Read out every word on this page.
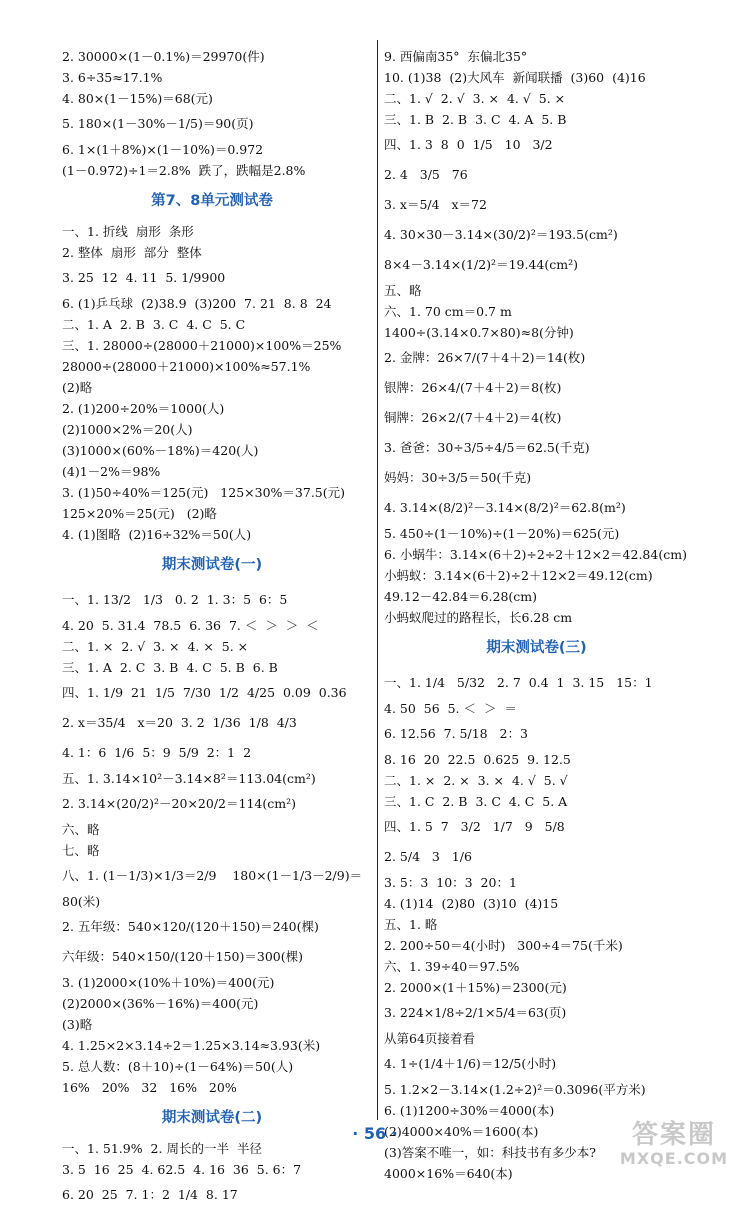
2. 30000×(1－0.1%)＝29970(件)
3. 6÷35≈17.1%
4. 80×(1－15%)＝68(元)
5. 180×(1－30%－1/5)＝90(页)
6. 1×(1＋8%)×(1－10%)＝0.972
(1－0.972)÷1＝2.8%  跌了，跌幅是2.8%
第7、8单元测试卷
一、1. 折线  扇形  条形
2. 整体  扇形  部分  整体
3. 25  12  4. 11  5. 1/9900
6. (1)乒乓球  (2)38.9  (3)200  7. 21  8. 8  24
二、1. A  2. B  3. C  4. C  5. C
三、1. 28000÷(28000＋21000)×100%＝25%
28000÷(28000＋21000)×100%≈57.1%
(2)略
2. (1)200÷20%＝1000(人)
(2)1000×2%＝20(人)
(3)1000×(60%－18%)＝420(人)
(4)1－2%＝98%
3. (1)50÷40%＝125(元)   125×30%＝37.5(元)
125×20%＝25(元)   (2)略
4. (1)图略  (2)16÷32%＝50(人)
期末测试卷(一)
一、1. 13/2   1/3   0. 2  1. 3：5  6：5
4. 20  5. 31.4  78.5  6. 36  7. ＜  ＞  ＞  ＜
二、1. ×  2. √  3. ×  4. ×  5. ×
三、1. A  2. C  3. B  4. C  5. B  6. B
四、1. 1/9  21  1/5  7/30  1/2  4/25  0.09  0.36
2. x＝35/4   x＝20  3. 2  1/36  1/8  4/3
4. 1：6  1/6  5：9  5/9  2：1  2
五、1. 3.14×10²－3.14×8²＝113.04(cm²)
2. 3.14×(20/2)²－20×20/2＝114(cm²)
六、略
七、略
八、1. (1－1/3)×1/3＝2/9    180×(1－1/3－2/9)＝
80(米)
2. 五年级：540×120/(120＋150)＝240(棵)
六年级：540×150/(120＋150)＝300(棵)
3. (1)2000×(10%＋10%)＝400(元)
(2)2000×(36%－16%)＝400(元)
(3)略
4. 1.25×2×3.14÷2＝1.25×3.14≈3.93(米)
5. 总人数：(8＋10)÷(1－64%)＝50(人)
16%   20%   32   16%   20%
期末测试卷(二)
一、1. 51.9%  2. 周长的一半  半径
3. 5  16  25  4. 62.5  4. 16  36  5. 6：7
6. 20  25  7. 1：2  1/4  8. 17
9. 西偏南35°  东偏北35°
10. (1)38  (2)大风车  新闻联播  (3)60  (4)16
二、1. √  2. √  3. ×  4. √  5. ×
三、1. B  2. B  3. C  4. A  5. B
四、1. 3  8  0  1/5   10   3/2
2. 4   3/5   76
3. x＝5/4   x＝72
4. 30×30－3.14×(30/2)²＝193.5(cm²)
8×4－3.14×(1/2)²＝19.44(cm²)
五、略
六、1. 70 cm＝0.7 m
1400÷(3.14×0.7×80)≈8(分钟)
2. 金牌：26×7/(7＋4＋2)＝14(枚)
银牌：26×4/(7＋4＋2)＝8(枚)
铜牌：26×2/(7＋4＋2)＝4(枚)
3. 爸爸：30÷3/5÷4/5＝62.5(千克)
妈妈：30÷3/5＝50(千克)
4. 3.14×(8/2)²－3.14×(8/2)²＝62.8(m²)
5. 450÷(1－10%)÷(1－20%)＝625(元)
6. 小蜗牛：3.14×(6＋2)÷2÷2＋12×2＝42.84(cm)
小蚂蚁：3.14×(6＋2)÷2＋12×2＝49.12(cm)
49.12－42.84＝6.28(cm)
小蚂蚁爬过的路程长，长6.28 cm
期末测试卷(三)
一、1. 1/4   5/32   2. 7  0.4  1  3. 15   15：1
4. 50  56  5. ＜  ＞  ＝
6. 12.56  7. 5/18   2：3
8. 16  20  22.5  0.625  9. 12.5
二、1. ×  2. ×  3. ×  4. √  5. √
三、1. C  2. B  3. C  4. C  5. A
四、1. 5  7   3/2   1/7   9   5/8
2. 5/4   3   1/6
3. 5：3  10：3  20：1
4. (1)14  (2)80  (3)10  (4)15
五、1. 略
2. 200÷50＝4(小时)   300÷4＝75(千米)
六、1. 39÷40＝97.5%
2. 2000×(1＋15%)＝2300(元)
3. 224×1/8÷2/1×5/4＝63(页)
从第64页接着看
4. 1÷(1/4＋1/6)＝12/5(小时)
5. 1.2×2－3.14×(1.2÷2)²＝0.3096(平方米)
6. (1)1200÷30%＝4000(本)
(2)4000×40%＝1600(本)
(3)答案不唯一，如：科技书有多少本?
4000×16%＝640(本)
· 56 ·	答案圈
MXQE.COM
